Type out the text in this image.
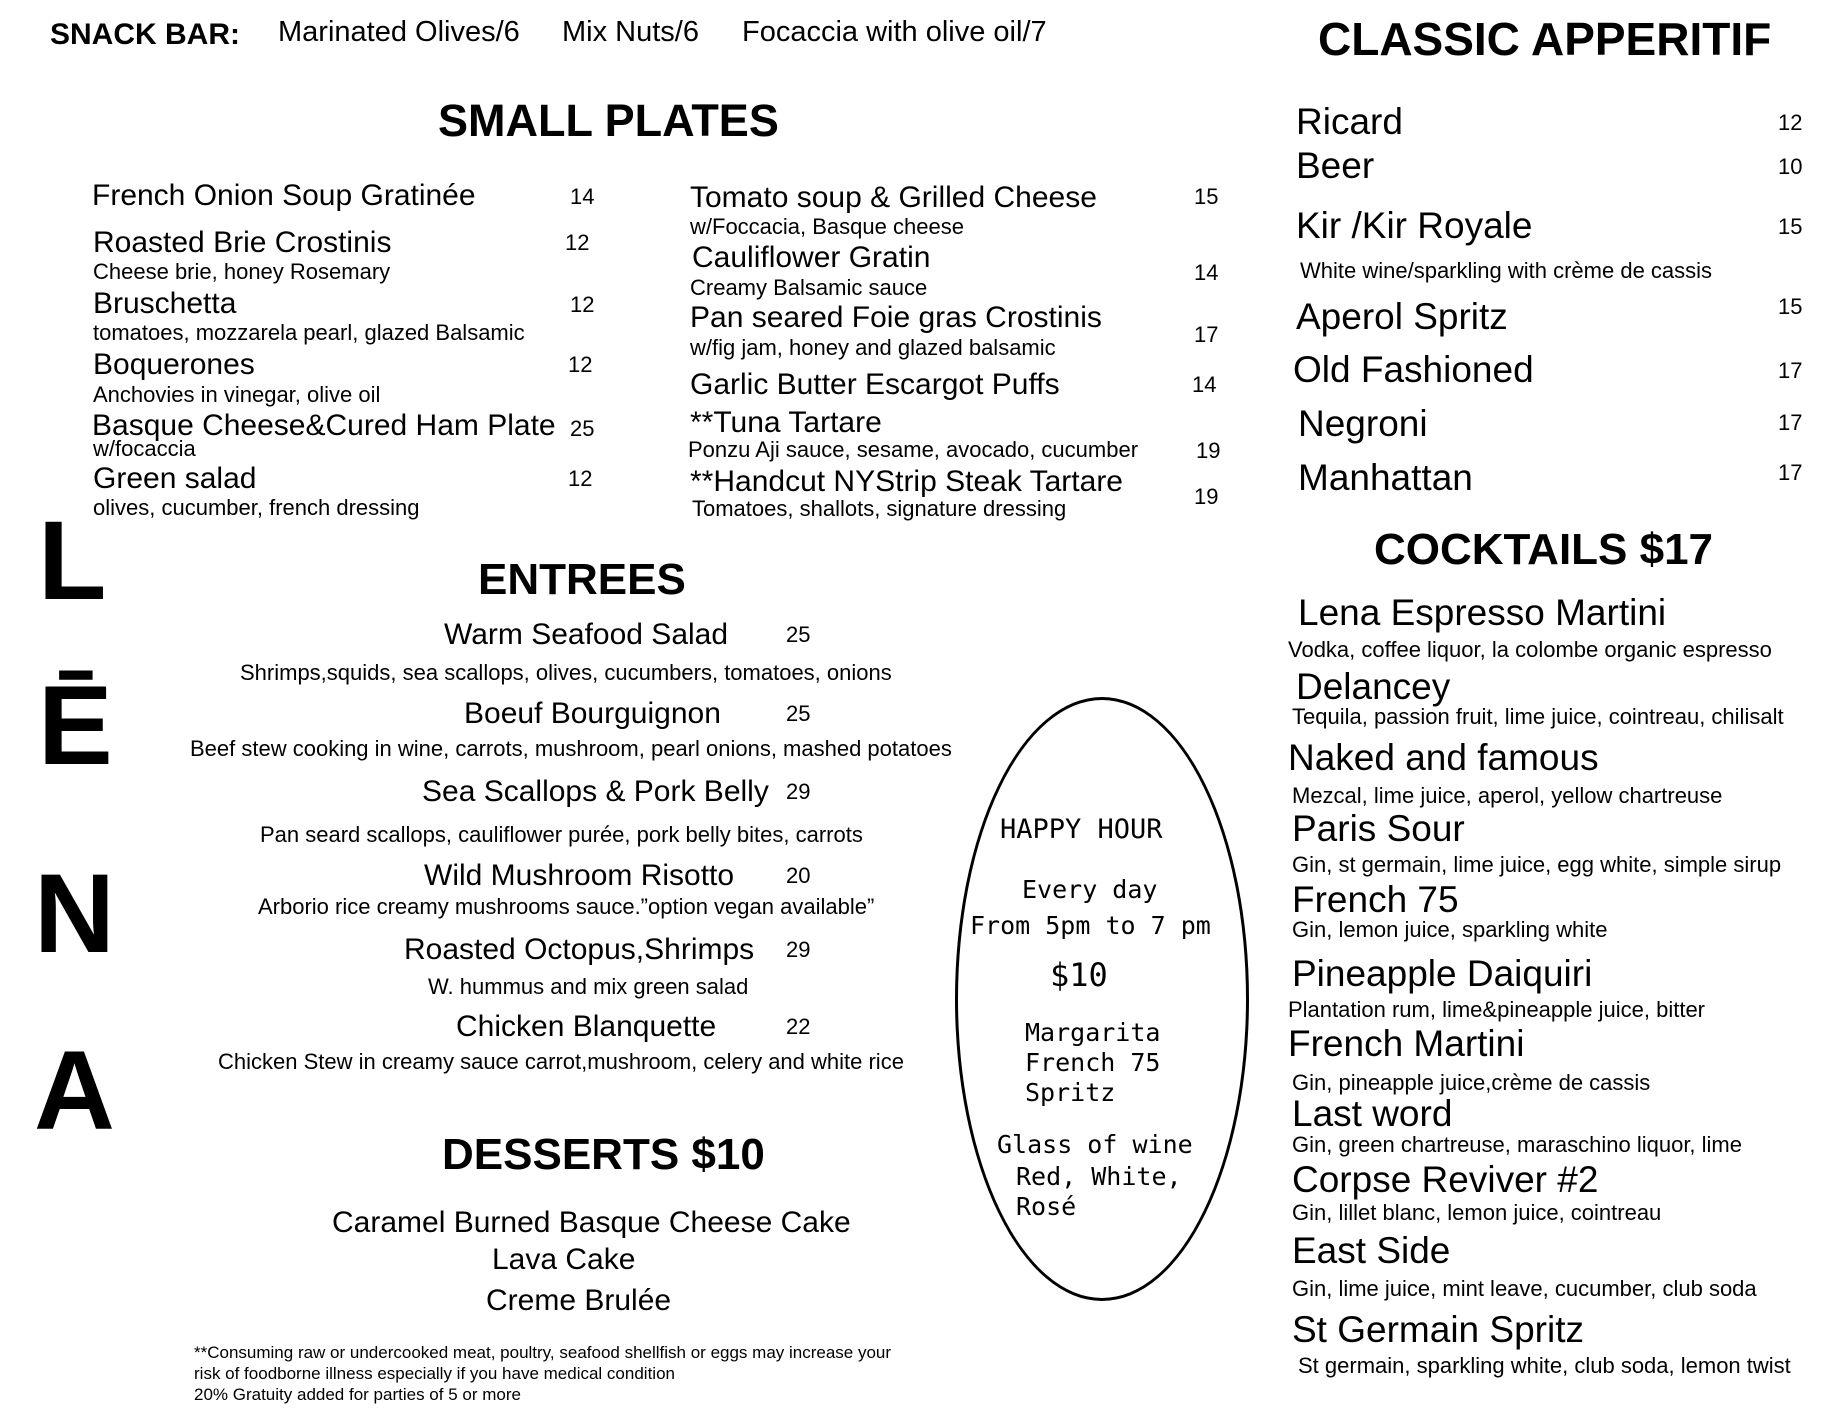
SNACK BAR: Marinated Olives/6 Mix Nuts/6 Focaccia with olive oil/7	CLASSIC APPERITIF
Ricard	12
Beer	10
Kir /Kir Royale	15
White wine/sparkling with crème de cassis
Aperol Spritz	15
Old Fashioned	17
Negroni	17
Manhattan	17
SMALL PLATES
French Onion Soup Gratinée	14
Roasted Brie Crostinis
Cheese brie, honey Rosemary
12
Bruschetta
tomatoes, mozzarela pearl, glazed Balsamic
12
Boquerones
Anchovies in vinegar, olive oil
12
Basque Cheese&Cured Ham Plate
w/focaccia
25
Green salad
olives, cucumber, french dressing
12
Tomato soup & Grilled Cheese
w/Foccacia, Basque cheese
15
Cauliflower Gratin
Creamy Balsamic sauce
14
Pan seared Foie gras Crostinis
w/fig jam, honey and glazed balsamic
17
Garlic Butter Escargot Puffs	14
**Tuna Tartare
Ponzu Aji sauce, sesame, avocado, cucumber	19
**Handcut NYStrip Steak Tartare
Tomatoes, shallots, signature dressing	19
L
Ē
N
A
ENTREES
Warm Seafood Salad	25
Shrimps,squids, sea scallops, olives, cucumbers, tomatoes, onions
Boeuf Bourguignon	25
Beef stew cooking in wine, carrots, mushroom, pearl onions, mashed potatoes
Sea Scallops & Pork Belly 29
Pan seard scallops, cauliflower purée, pork belly bites, carrots
Wild Mushroom Risotto 20
Arborio rice creamy mushrooms sauce.”option vegan available”
Roasted Octopus,Shrimps 29
W. hummus and mix green salad
Chicken Blanquette	22
Chicken Stew in creamy sauce carrot,mushroom, celery and white rice
DESSERTS $10
Caramel Burned Basque Cheese Cake
Lava Cake
Creme Brulée
**Consuming raw or undercooked meat, poultry, seafood shellfish or eggs may increase your
risk of foodborne illness especially if you have medical condition
20% Gratuity added for parties of 5 or more
HAPPY HOUR
Every day
From 5pm to 7 pm
$10
Margarita
French 75
Spritz
Glass of wine
Red, White,
Rosé
COCKTAILS $17
Lena Espresso Martini
Vodka, coffee liquor, la colombe organic espresso
Delancey
Tequila, passion fruit, lime juice, cointreau, chilisalt
Naked and famous
Mezcal, lime juice, aperol, yellow chartreuse
Paris Sour
Gin, st germain, lime juice, egg white, simple sirup
French 75
Gin, lemon juice, sparkling white
Pineapple Daiquiri
Plantation rum, lime&pineapple juice, bitter
French Martini
Gin, pineapple juice,crème de cassis
Last word
Gin, green chartreuse, maraschino liquor, lime
Corpse Reviver #2
Gin, lillet blanc, lemon juice, cointreau
East Side
Gin, lime juice, mint leave, cucumber, club soda
St Germain Spritz
St germain, sparkling white, club soda, lemon twist
